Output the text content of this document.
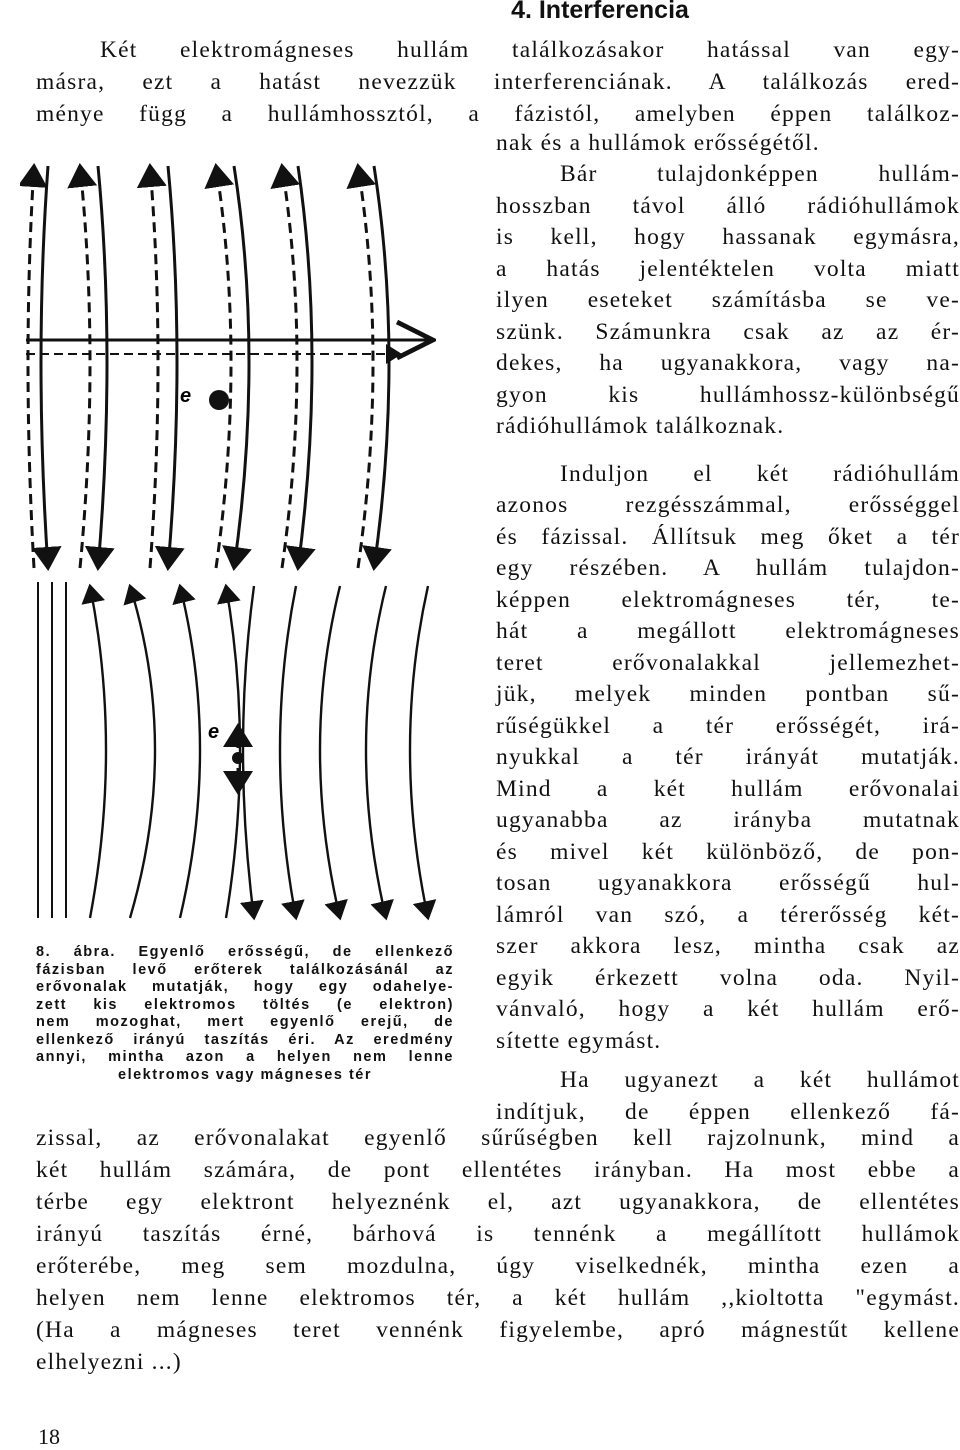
4. Interferencia
Két elektromágneses hullám találkozásakor hatással van egy-
másra, ezt a hatást nevezzük interferenciának. A találkozás ered-
ménye függ a hullámhossztól, a fázistól, amelyben éppen találkoz-
nak és a hullámok erősségétől.
Bár tulajdonképpen hullám-
hosszban távol álló rádióhullámok
is kell, hogy hassanak egymásra,
a hatás jelentéktelen volta miatt
ilyen eseteket számításba se ve-
szünk. Számunkra csak az az ér-
dekes, ha ugyanakkora, vagy na-
gyon kis hullámhossz-különbségű
rádióhullámok találkoznak.
Induljon el két rádióhullám
azonos rezgésszámmal, erősséggel
és fázissal. Állítsuk meg őket a tér
egy részében. A hullám tulajdon-
képpen elektromágneses tér, te-
hát a megállott elektromágneses
teret erővonalakkal jellemezhet-
jük, melyek minden pontban sű-
rűségükkel a tér erősségét, irá-
nyukkal a tér irányát mutatják.
Mind a két hullám erővonalai
ugyanabba az irányba mutatnak
és mivel két különböző, de pon-
tosan ugyanakkora erősségű hul-
lámról van szó, a térerősség két-
szer akkora lesz, mintha csak az
egyik érkezett volna oda. Nyil-
vánvaló, hogy a két hullám erő-
sítette egymást.
Ha ugyanezt a két hullámot
indítjuk, de éppen ellenkező fá-
zissal, az erővonalakat egyenlő sűrűségben kell rajzolnunk, mind a
két hullám számára, de pont ellentétes irányban. Ha most ebbe a
térbe egy elektront helyeznénk el, azt ugyanakkora, de ellentétes
irányú taszítás érné, bárhová is tennénk a megállított hullámok
erőterébe, meg sem mozdulna, úgy viselkednék, mintha ezen a
helyen nem lenne elektromos tér, a két hullám ,,kioltotta "egymást.
(Ha a mágneses teret vennénk figyelembe, apró mágnestűt kellene
elhelyezni ...)
e
e
8. ábra. Egyenlő erősségű, de ellenkező
fázisban levő erőterek találkozásánál az
erővonalak mutatják, hogy egy odahelye-
zett kis elektromos töltés (e elektron)
nem mozoghat, mert egyenlő erejű, de
ellenkező irányú taszítás éri. Az eredmény
annyi, mintha azon a helyen nem lenne
elektromos vagy mágneses tér
18
